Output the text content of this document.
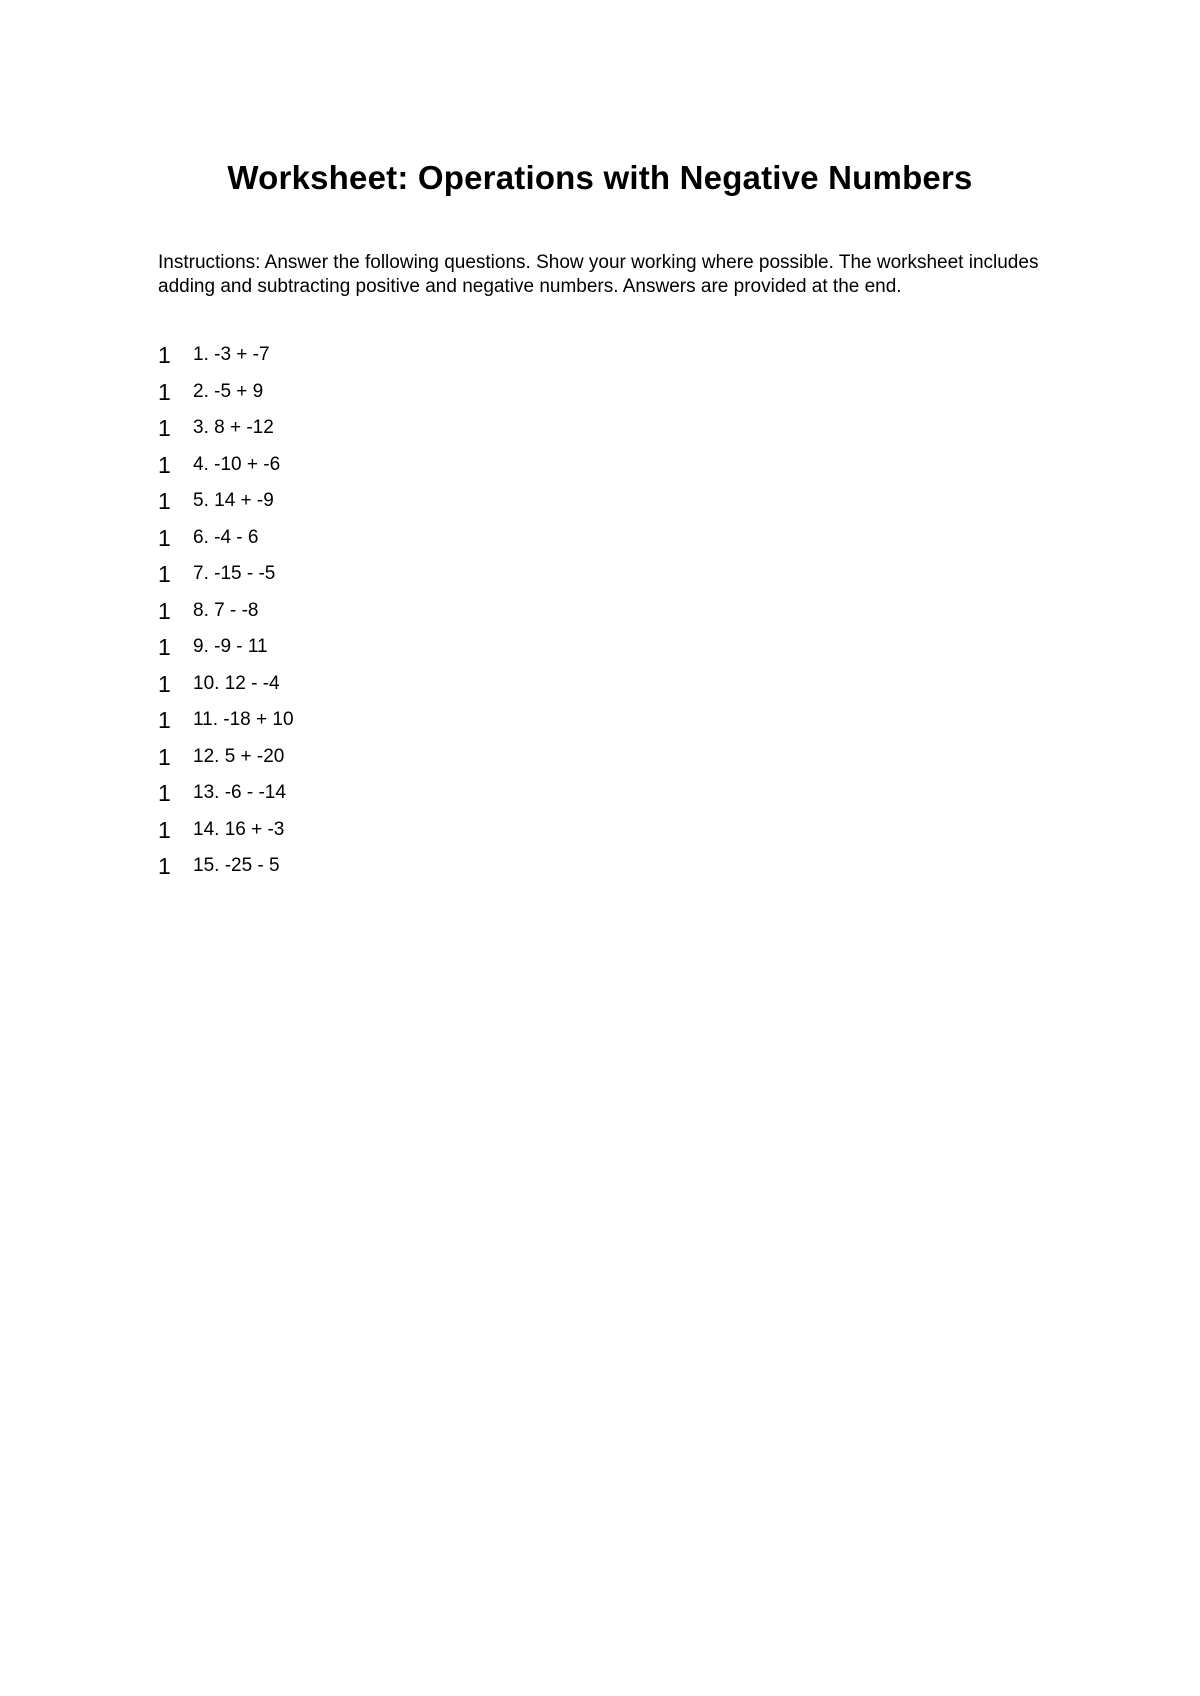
Worksheet: Operations with Negative Numbers
Instructions: Answer the following questions. Show your working where possible. The worksheet includes adding and subtracting positive and negative numbers. Answers are provided at the end.
1	1. -3 + -7
1	2. -5 + 9
1	3. 8 + -12
1	4. -10 + -6
1	5. 14 + -9
1	6. -4 - 6
1	7. -15 - -5
1	8. 7 - -8
1	9. -9 - 11
1	10. 12 - -4
1	11. -18 + 10
1	12. 5 + -20
1	13. -6 - -14
1	14. 16 + -3
1	15. -25 - 5
